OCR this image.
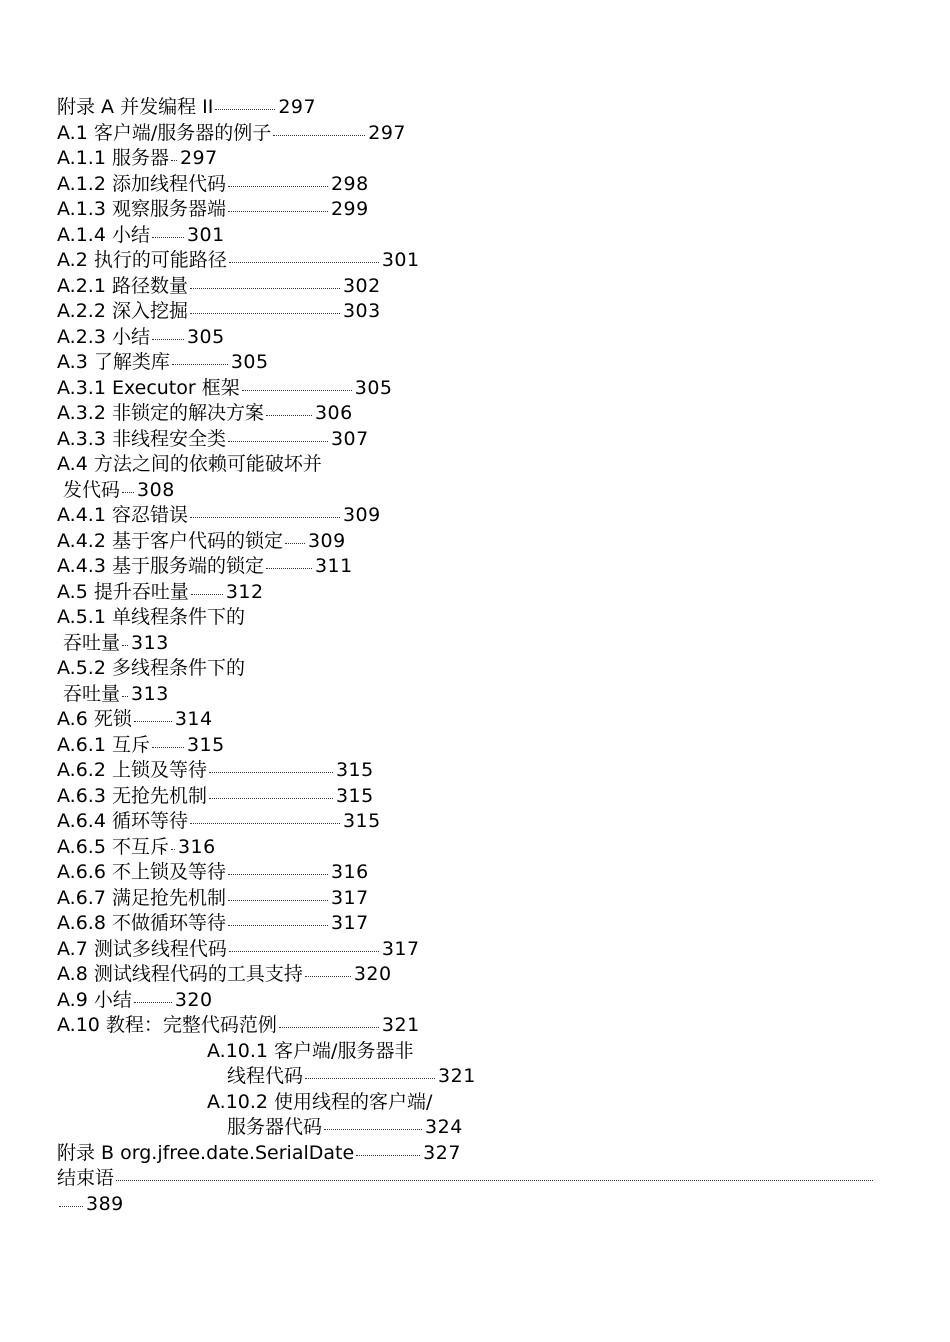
附录 A 并发编程 II	297
A.1 客户端/服务器的例子	297
A.1.1 服务器 297
A.1.2 添加线程代码	298
A.1.3 观察服务器端	299
A.1.4 小结 301
A.2 执行的可能路径	301
A.2.1 路径数量	302
A.2.2 深入挖掘	303
A.2.3 小结 305
A.3 了解类库	305
A.3.1 Executor 框架	305
A.3.2 非锁定的解决方案	306
A.3.3 非线程安全类	307
A.4 方法之间的依赖可能破坏并
发代码 308
A.4.1 容忍错误	309
A.4.2 基于客户代码的锁定 309
A.4.3 基于服务端的锁定	311
A.5 提升吞吐量 312
A.5.1 单线程条件下的
吞吐量 313
A.5.2 多线程条件下的
吞吐量 313
A.6 死锁 314
A.6.1 互斥 315
A.6.2 上锁及等待	315
A.6.3 无抢先机制	315
A.6.4 循环等待	315
A.6.5 不互斥 316
A.6.6 不上锁及等待	316
A.6.7 满足抢先机制	317
A.6.8 不做循环等待	317
A.7 测试多线程代码	317
A.8 测试线程代码的工具支持	320
A.9 小结 320
A.10 教程：完整代码范例	321
A.10.1 客户端/服务器非
线程代码	321
A.10.2 使用线程的客户端/
服务器代码	324
附录 B org.jfree.date.SerialDate	327
结束语
389
